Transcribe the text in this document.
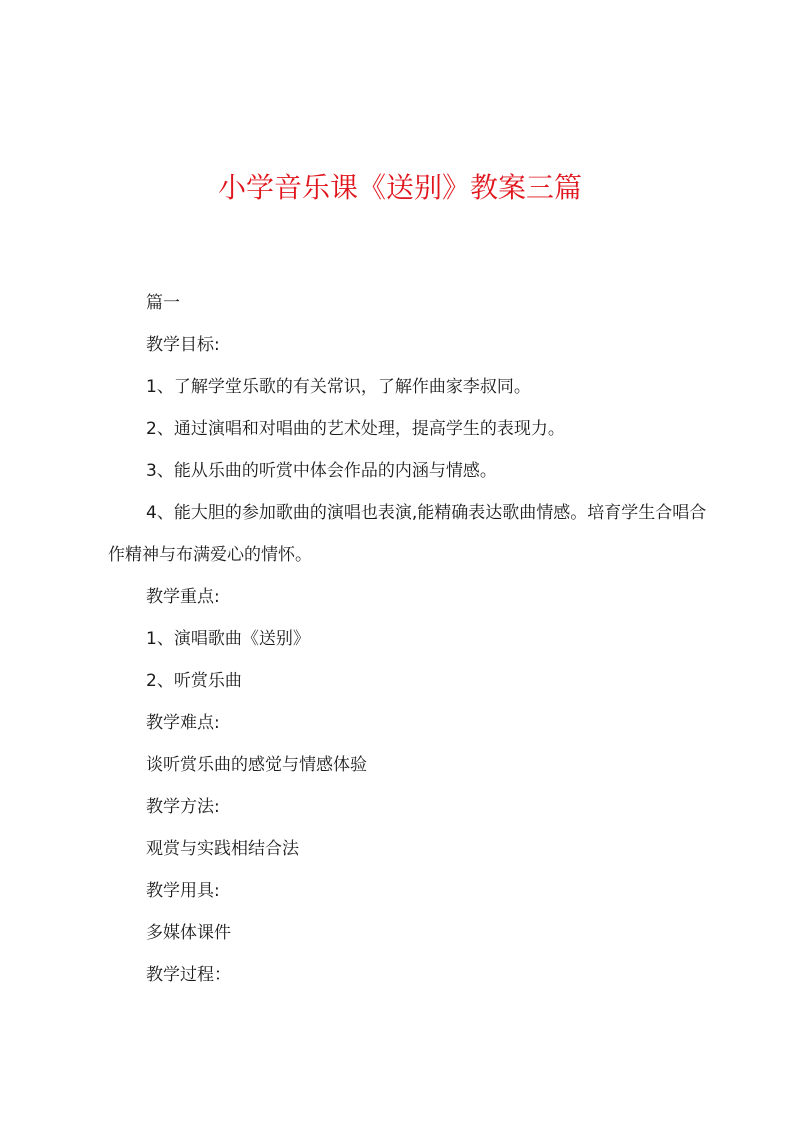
小学音乐课《送别》教案三篇

篇一

教学目标:

1、了解学堂乐歌的有关常识，了解作曲家李叔同。

2、通过演唱和对唱曲的艺术处理，提高学生的表现力。

3、能从乐曲的听赏中体会作品的内涵与情感。

4、能大胆的参加歌曲的演唱也表演,能精确表达歌曲情感。培育学生合唱合作精神与布满爱心的情怀。

教学重点:

1、演唱歌曲《送别》

2、听赏乐曲

教学难点:

谈听赏乐曲的感觉与情感体验

教学方法:

观赏与实践相结合法

教学用具:

多媒体课件

教学过程：
